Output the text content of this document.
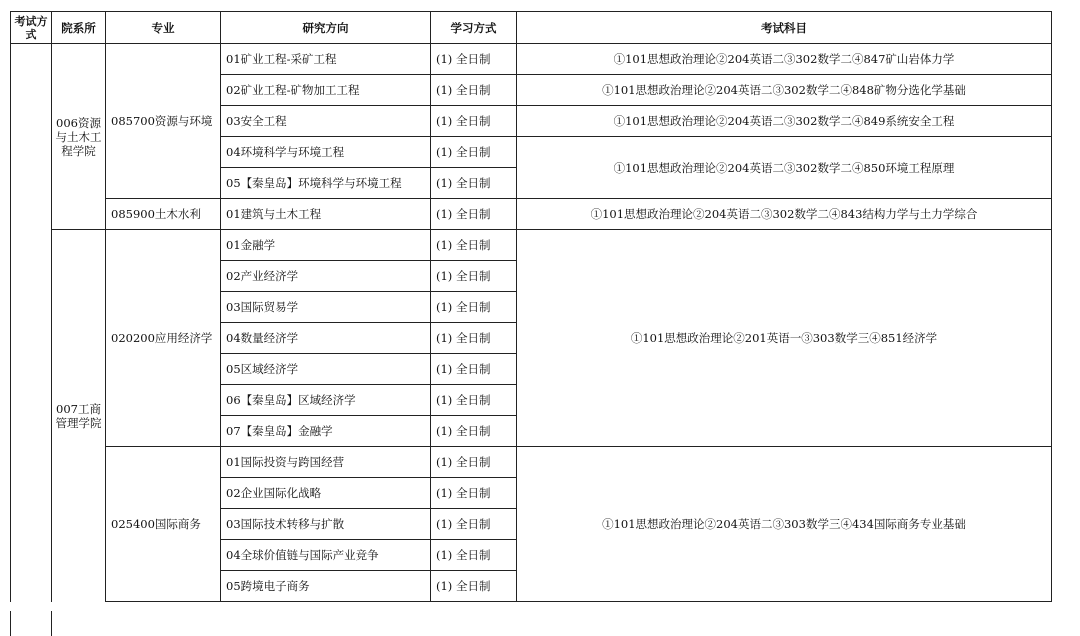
考试方式	院系所	专业	研究方向	学习方式	考试科目
	006资源与土木工程学院	085700资源与环境	01矿业工程-采矿工程	(1) 全日制	①101思想政治理论②204英语二③302数学二④847矿山岩体力学
			02矿业工程-矿物加工工程	(1) 全日制	①101思想政治理论②204英语二③302数学二④848矿物分选化学基础
			03安全工程	(1) 全日制	①101思想政治理论②204英语二③302数学二④849系统安全工程
			04环境科学与环境工程	(1) 全日制	①101思想政治理论②204英语二③302数学二④850环境工程原理
			05【秦皇岛】环境科学与环境工程	(1) 全日制	
		085900土木水利	01建筑与土木工程	(1) 全日制	①101思想政治理论②204英语二③302数学二④843结构力学与土力学综合
	007工商管理学院	020200应用经济学	01金融学	(1) 全日制	①101思想政治理论②201英语一③303数学三④851经济学
			02产业经济学	(1) 全日制	
			03国际贸易学	(1) 全日制	
			04数量经济学	(1) 全日制	
			05区域经济学	(1) 全日制	
			06【秦皇岛】区域经济学	(1) 全日制	
			07【秦皇岛】金融学	(1) 全日制	
		025400国际商务	01国际投资与跨国经营	(1) 全日制	①101思想政治理论②204英语二③303数学三④434国际商务专业基础
			02企业国际化战略	(1) 全日制	
			03国际技术转移与扩散	(1) 全日制	
			04全球价值链与国际产业竞争	(1) 全日制	
			05跨境电子商务	(1) 全日制	
